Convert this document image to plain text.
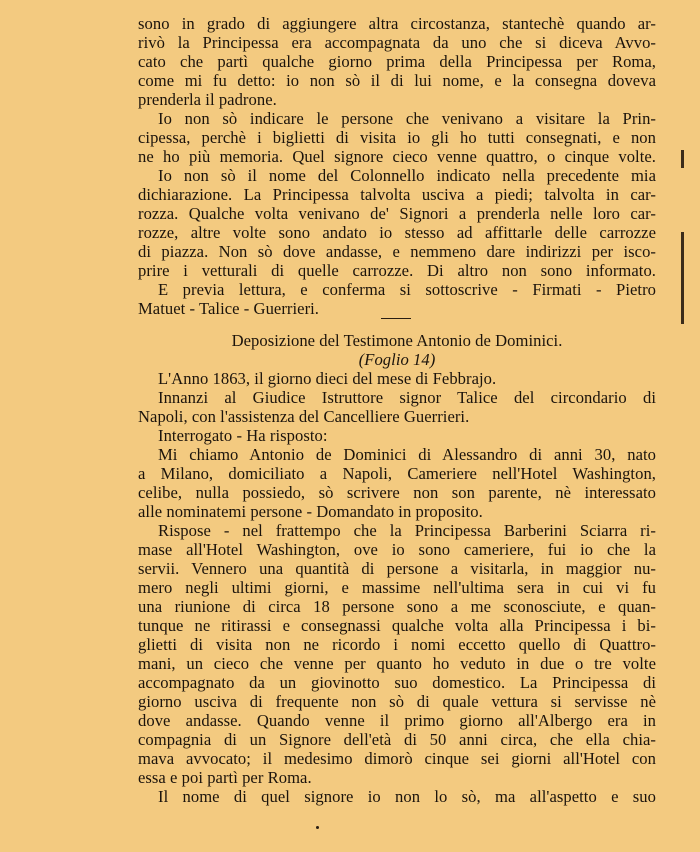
sono in grado di aggiungere altra circostanza, stantechè quando ar-
rivò la Principessa era accompagnata da uno che si diceva Avvo-
cato che partì qualche giorno prima della Principessa per Roma,
come mi fu detto: io non sò il di lui nome, e la consegna doveva
prenderla il padrone.
Io non sò indicare le persone che venivano a visitare la Prin-
cipessa, perchè i biglietti di visita io gli ho tutti consegnati, e non
ne ho più memoria. Quel signore cieco venne quattro, o cinque volte.
Io non sò il nome del Colonnello indicato nella precedente mia
dichiarazione. La Principessa talvolta usciva a piedi; talvolta in car-
rozza. Qualche volta venivano de' Signori a prenderla nelle loro car-
rozze, altre volte sono andato io stesso ad affittarle delle carrozze
di piazza. Non sò dove andasse, e nemmeno dare indirizzi per isco-
prire i vetturali di quelle carrozze. Di altro non sono informato.
E previa lettura, e conferma si sottoscrive - Firmati - Pietro
Matuet - Talice - Guerrieri.
Deposizione del Testimone Antonio de Dominici.
(Foglio 14)
L'Anno 1863, il giorno dieci del mese di Febbrajo.
Innanzi al Giudice Istruttore signor Talice del circondario di
Napoli, con l'assistenza del Cancelliere Guerrieri.
Interrogato - Ha risposto:
Mi chiamo Antonio de Dominici di Alessandro di anni 30, nato
a Milano, domiciliato a Napoli, Cameriere nell'Hotel Washington,
celibe, nulla possiedo, sò scrivere non son parente, nè interessato
alle nominatemi persone - Domandato in proposito.
Rispose - nel frattempo che la Principessa Barberini Sciarra ri-
mase all'Hotel Washington, ove io sono cameriere, fui io che la
servii. Vennero una quantità di persone a visitarla, in maggior nu-
mero negli ultimi giorni, e massime nell'ultima sera in cui vi fu
una riunione di circa 18 persone sono a me sconosciute, e quan-
tunque ne ritirassi e consegnassi qualche volta alla Principessa i bi-
glietti di visita non ne ricordo i nomi eccetto quello di Quattro-
mani, un cieco che venne per quanto ho veduto in due o tre volte
accompagnato da un giovinotto suo domestico. La Principessa di
giorno usciva di frequente non sò di quale vettura si servisse nè
dove andasse. Quando venne il primo giorno all'Albergo era in
compagnia di un Signore dell'età di 50 anni circa, che ella chia-
mava avvocato; il medesimo dimorò cinque sei giorni all'Hotel con
essa e poi partì per Roma.
Il nome di quel signore io non lo sò, ma all'aspetto e suo
